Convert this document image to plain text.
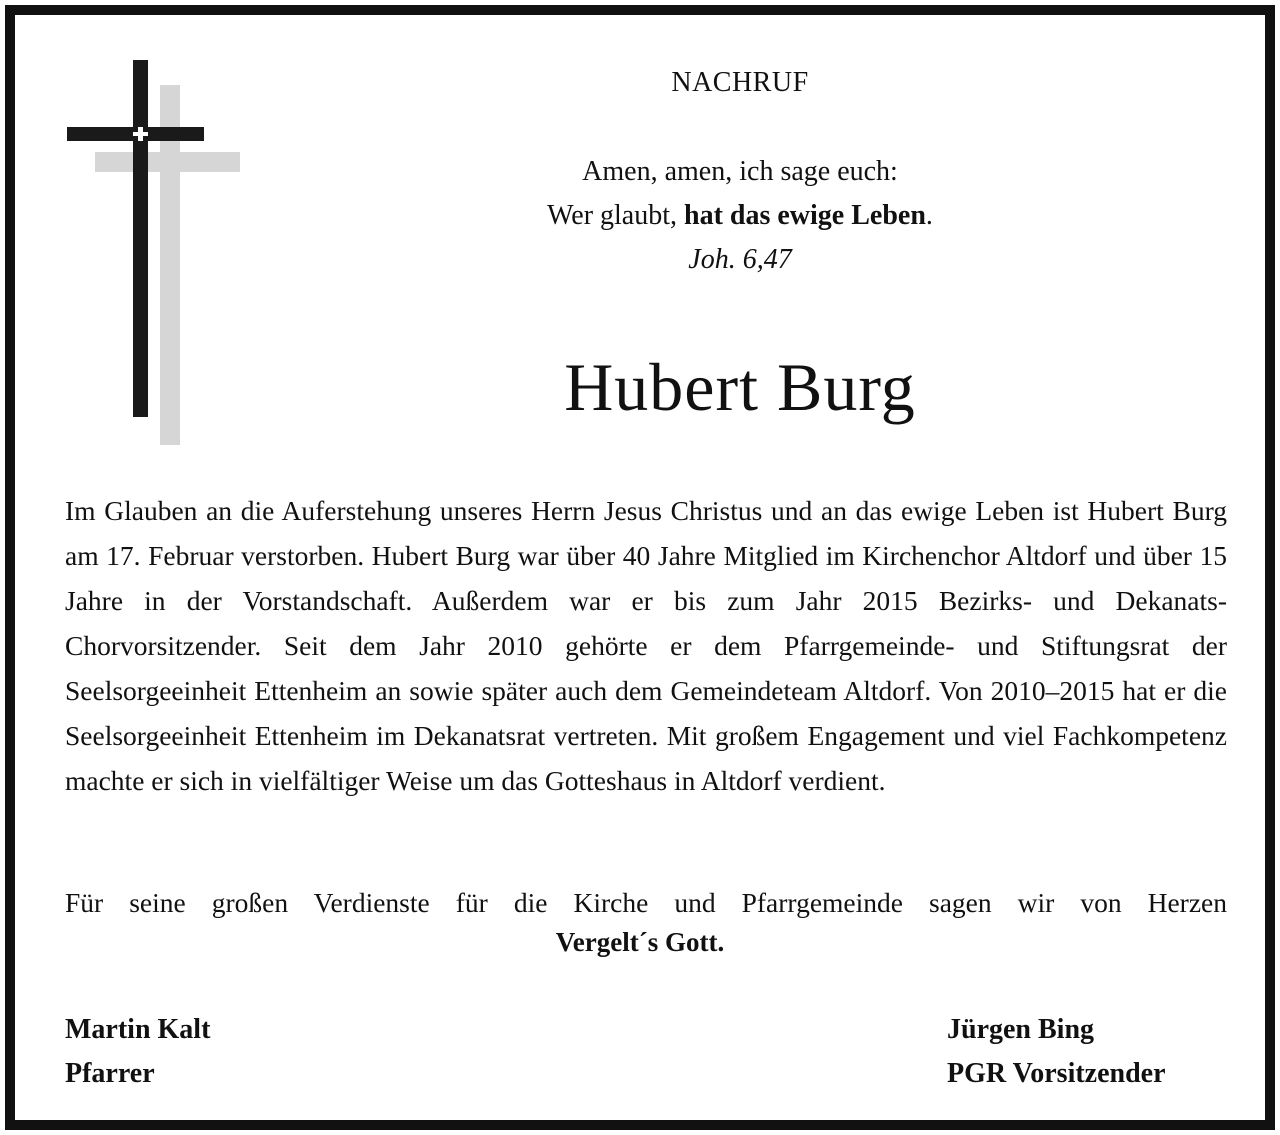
NACHRUF
Amen, amen, ich sage euch:
Wer glaubt, hat das ewige Leben.
Joh. 6,47
Hubert Burg
Im Glauben an die Auferstehung unseres Herrn Jesus Christus und an das ewige Leben ist Hubert Burg am 17. Februar verstorben. Hubert Burg war über 40 Jahre Mitglied im Kirchenchor Altdorf und über 15 Jahre in der Vorstandschaft. Außerdem war er bis zum Jahr 2015 Bezirks- und Dekanats-Chorvorsitzender. Seit dem Jahr 2010 gehörte er dem Pfarrgemeinde- und Stiftungsrat der Seelsorgeeinheit Ettenheim an sowie später auch dem Gemeindeteam Altdorf. Von 2010–2015 hat er die Seelsorgeeinheit Ettenheim im Dekanatsrat vertreten. Mit großem Engagement und viel Fachkompetenz machte er sich in vielfältiger Weise um das Gotteshaus in Altdorf verdient.
Für seine großen Verdienste für die Kirche und Pfarrgemeinde sagen wir von Herzen
Vergelt´s Gott.
Martin Kalt
Pfarrer
Jürgen Bing
PGR Vorsitzender
